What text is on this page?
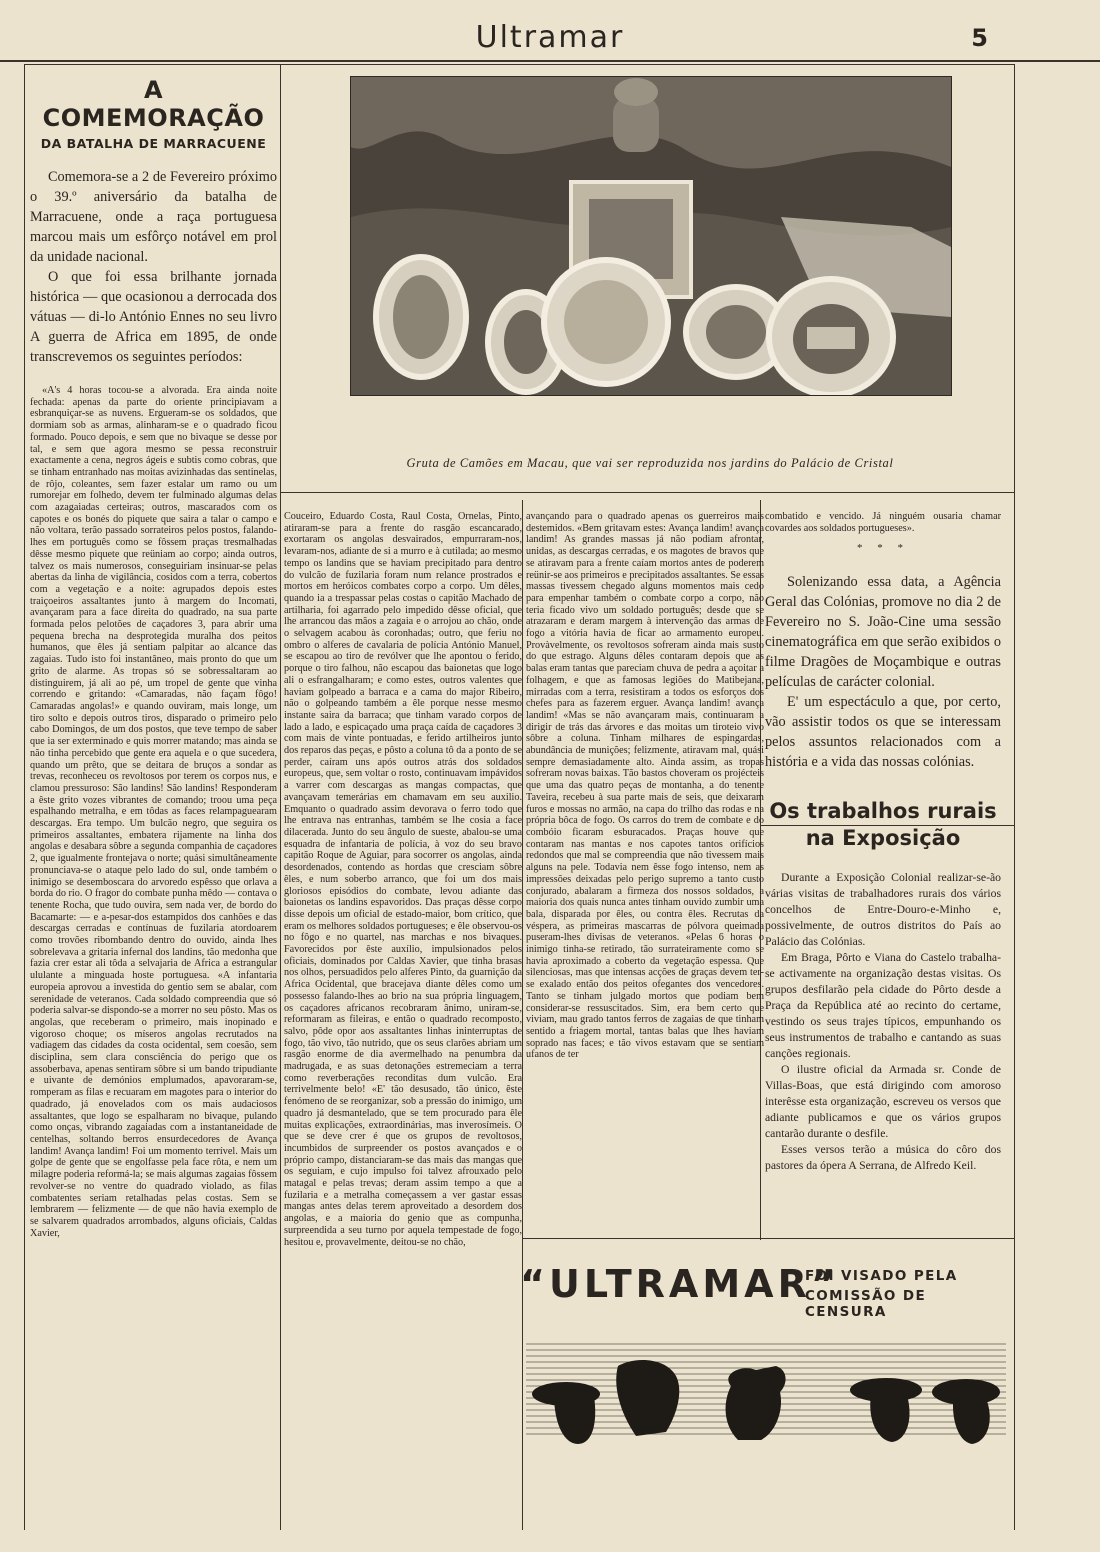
Ultramar	5
A COMEMORAÇÃO
DA BATALHA DE MARRACUENE

Comemora-se a 2 de Fevereiro próximo o 39.º aniversário da batalha de Marracuene, onde a raça portuguesa marcou mais um esfôrço notável em prol da unidade nacional.

O que foi essa brilhante jornada histórica — que ocasionou a derrocada dos vátuas — di-lo António Ennes no seu livro A guerra de Africa em 1895, de onde transcrevemos os seguintes períodos:

«A's 4 horas tocou-se a alvorada. Era ainda noite fechada: apenas da parte do oriente principiavam a esbranquiçar-se as nuvens. Ergueram-se os soldados, que dormiam sob as armas, alinharam-se e o quadrado ficou formado. Pouco depois, e sem que no bivaque se desse por tal, e sem que agora mesmo se pessa reconstruir exactamente a cena, negros ágeis e subtis como cobras, que se tinham entranhado nas moitas avizinhadas das sentinelas, de rôjo, coleantes, sem fazer estalar um ramo ou um rumorejar em folhedo, devem ter fulminado algumas delas com azagaiadas certeiras; outros, mascarados com os capotes e os bonés do piquete que saira a talar o campo e não voltara, terão passado sorrateiros pelos postos, falando-lhes em português como se fôssem praças tresmalhadas dêsse mesmo piquete que reüniam ao corpo; ainda outros, talvez os mais numerosos, conseguiriam insinuar-se pelas abertas da linha de vigilância, cosidos com a terra, cobertos com a vegetação e a noite: agrupados depois estes traiçoeiros assaltantes junto à margem do Incomati, avançaram para a face direita do quadrado, na sua parte formada pelos pelotões de caçadores 3, para abrir uma pequena brecha na desprotegida muralha dos peitos humanos, que êles já sentiam palpitar ao alcance das zagaias. Tudo isto foi instantâneo, mais pronto do que um grito de alarme. As tropas só se sobressaltaram ao distinguirem, já ali ao pé, um tropel de gente que vinha correndo e gritando: «Camaradas, não façam fôgo! Camaradas angolas!» e quando ouviram, mais longe, um tiro solto e depois outros tiros, disparado o primeiro pelo cabo Domingos, de um dos postos, que teve tempo de saber que ia ser exterminado e quis morrer matando; mas ainda se não tinha percebido que gente era aquela e o que sucedera, quando um prêto, que se deitara de bruços a sondar as trevas, reconheceu os revoltosos por terem os corpos nus, e clamou pressuroso: São landins! São landins! Responderam a êste grito vozes vibrantes de comando; troou uma peça espalhando metralha, e em tôdas as faces relampaguearam descargas. Era tempo. Um bulcão negro, que seguira os primeiros assaltantes, embatera rijamente na linha dos angolas e desabara sôbre a segunda companhia de caçadores 2, que igualmente frontejava o norte; quási simultâneamente pronunciava-se o ataque pelo lado do sul, onde também o inimigo se desemboscara do arvoredo espêsso que orlava a borda do rio. O fragor do combate punha mêdo — contava o tenente Rocha, que tudo ouvira, sem nada ver, de bordo do Bacamarte: — e a-pesar-dos estampidos dos canhões e das descargas cerradas e contínuas de fuzilaria atordoarem como trovões ribombando dentro do ouvido, ainda lhes sobrelevava a gritaria infernal dos landins, tão medonha que fazia crer estar ali tôda a selvajaria de Africa a estrangular ululante a minguada hoste portuguesa. «A infantaria europeia aprovou a investida do gentio sem se abalar, com serenidade de veteranos. Cada soldado compreendia que só poderia salvar-se dispondo-se a morrer no seu pôsto. Mas os angolas, que receberam o primeiro, mais inopinado e vigoroso choque; os míseros angolas recrutados na vadiagem das cidades da costa ocidental, sem coesão, sem disciplina, sem clara consciência do perigo que os assoberbava, apenas sentiram sôbre si um bando tripudiante e uivante de demónios emplumados, apavoraram-se, romperam as filas e recuaram em magotes para o interior do quadrado, já enovelados com os mais audaciosos assaltantes, que logo se espalharam no bivaque, pulando como onças, vibrando zagaiadas com a instantaneidade de centelhas, soltando berros ensurdecedores de Avança landim! Avança landim! Foi um momento terrível. Mais um golpe de gente que se engolfasse pela face rôta, e nem um milagre poderia reformá-la; se mais algumas zagaias fôssem revolver-se no ventre do quadrado violado, as filas combatentes seriam retalhadas pelas costas. Sem se lembrarem — felizmente — de que não havia exemplo de se salvarem quadrados arrombados, alguns oficiais, Caldas Xavier,

Gruta de Camões em Macau, que vai ser reproduzida nos jardins do Palácio de Cristal

Couceiro, Eduardo Costa, Raul Costa, Ornelas, Pinto, atiraram-se para a frente do rasgão escancarado, exortaram os angolas desvairados, empurraram-nos, levaram-nos, adiante de si a murro e à cutilada; ao mesmo tempo os landins que se haviam precipitado para dentro do vulcão de fuzilaria foram num relance prostrados e mortos em heróicos combates corpo a corpo. Um dêles, quando ia a trespassar pelas costas o capitão Machado de artilharia, foi agarrado pelo impedido dêsse oficial, que lhe arrancou das mãos a zagaia e o arrojou ao chão, onde o selvagem acabou às coronhadas; outro, que feriu no ombro o alferes de cavalaria de polícia António Manuel, se escapou ao tiro de revólver que lhe apontou o ferido, porque o tiro falhou, não escapou das baionetas que logo ali o esfrangalharam; e como estes, outros valentes que haviam golpeado a barraca e a cama do major Ribeiro, não o golpeando também a êle porque nesse mesmo instante saira da barraca; que tinham varado corpos de lado a lado, e espicaçado uma praça caída de caçadores 3 com mais de vinte pontuadas, e ferido artilheiros junto dos reparos das peças, e pôsto a coluna tô da a ponto de se perder, caíram uns após outros atrás dos soldados europeus, que, sem voltar o rosto, continuavam impávidos a varrer com descargas as mangas compactas, que avançavam temerárias em chamavam em seu auxilio. Emquanto o quadrado assim devorava o ferro todo que lhe entrava nas entranhas, também se lhe cosia a face dilacerada. Junto do seu ângulo de sueste, abalou-se uma esquadra de infantaria de polícia, à voz do seu bravo capitão Roque de Aguiar, para socorrer os angolas, ainda desordenados, contendo as hordas que cresciam sôbre êles, e num soberbo arranco, que foi um dos mais gloriosos episódios do combate, levou adiante das baionetas os landins espavoridos. Das praças dêsse corpo disse depois um oficial de estado-maior, bom crítico, que eram os melhores soldados portugueses; e êle observou-os no fôgo e no quartel, nas marchas e nos bivaques. Favorecidos por êste auxílio, impulsionados pelos oficiais, dominados por Caldas Xavier, que tinha brasas nos olhos, persuadidos pelo alferes Pinto, da guarnição da Africa Ocidental, que bracejava diante dêles como um possesso falando-lhes ao brio na sua própria linguagem, os caçadores africanos recobraram ânimo, uniram-se, reformaram as fileiras, e então o quadrado recomposto, salvo, pôde opor aos assaltantes linhas ininterruptas de fogo, tão vivo, tão nutrido, que os seus clarões abriam um rasgão enorme de dia avermelhado na penumbra da madrugada, e as suas detonações estremeciam a terra como reverberações reconditas dum vulcão. Era terrivelmente belo! «E' tão desusado, tão único, êste fenómeno de se reorganizar, sob a pressão do inimigo, um quadro já desmantelado, que se tem procurado para êle muitas explicações, extraordinárias, mas inverosímeis. O que se deve crer é que os grupos de revoltosos, incumbidos de surpreender os postos avançados e o próprio campo, distanciaram-se das mais das mangas que os seguiam, e cujo impulso foi talvez afrouxado pelo matagal e pelas trevas; deram assim tempo a que a fuzilaria e a metralha começassem a ver gastar essas mangas antes delas terem aproveitado a desordem dos angolas, e a maioria do genio que as compunha, surpreendida a seu turno por aquela tempestade de fogo, hesitou e, provavelmente, deitou-se no chão,

avançando para o quadrado apenas os guerreiros mais destemidos. «Bem gritavam estes: Avança landim! avança landim! As grandes massas já não podiam afrontar, unidas, as descargas cerradas, e os magotes de bravos que se atiravam para a frente caíam mortos antes de poderem reünir-se aos primeiros e precipitados assaltantes. Se essas massas tivessem chegado alguns momentos mais cedo para empenhar também o combate corpo a corpo, não teria ficado vivo um soldado português; desde que se atrazaram e deram margem à intervenção das armas de fogo a vitória havia de ficar ao armamento europeu. Provàvelmente, os revoltosos sofreram ainda mais susto do que estrago. Alguns dêles contaram depois que as balas eram tantas que pareciam chuva de pedra a açoitar a folhagem, e que as famosas legiões do Matibejana, mirradas com a terra, resistiram a todos os esforços dos chefes para as fazerem erguer. Avança landim! avança landim! «Mas se não avançaram mais, continuaram a dirigir de trás das árvores e das moitas um tiroteio vivo sôbre a coluna. Tinham milhares de espingardas, abundância de munições; felizmente, atiravam mal, quási sempre demasiadamente alto. Ainda assim, as tropas sofreram novas baixas. Tão bastos choveram os projécteis que uma das quatro peças de montanha, a do tenente Taveira, recebeu à sua parte mais de seis, que deixaram furos e mossas no armão, na capa do trilho das rodas e na própria bôca de fogo. Os carros do trem de combate e do combóio ficaram esburacados. Praças houve que contaram nas mantas e nos capotes tantos orifícios redondos que mal se compreendia que não tivessem mais alguns na pele. Todavia nem êsse fogo intenso, nem as impressões deixadas pelo perigo supremo a tanto custo conjurado, abalaram a firmeza dos nossos soldados, a maioria dos quais nunca antes tinham ouvido zumbir uma bala, disparada por êles, ou contra êles. Recrutas da véspera, as primeiras mascarras de pólvora queimada puseram-lhes divisas de veteranos. «Pelas 6 horas o inimigo tinha-se retirado, tão surrateiramente como se havia aproximado a coberto da vegetação espessa. Que silenciosas, mas que intensas acções de graças devem ter-se exalado então dos peitos ofegantes dos vencedores. Tanto se tinham julgado mortos que podiam bem considerar-se ressuscitados. Sim, era bem certo que viviam, mau grado tantos ferros de zagaias de que tinham sentido a friagem mortal, tantas balas que lhes haviam soprado nas faces; e tão vivos estavam que se sentiam ufanos de ter

combatido e vencido. Já ninguém ousaria chamar covardes aos soldados portugueses».
* * *

Solenizando essa data, a Agência Geral das Colónias, promove no dia 2 de Fevereiro no S. João-Cine uma sessão cinematográfica em que serão exibidos o filme Dragões de Moçambique e outras películas de carácter colonial.

E' um espectáculo a que, por certo, vão assistir todos os que se interessam pelos assuntos relacionados com a história e a vida das nossas colónias.

Os trabalhos rurais
na Exposição

Durante a Exposição Colonial realizar-se-ão várias visitas de trabalhadores rurais dos vários concelhos de Entre-Douro-e-Minho e, possivelmente, de outros distritos do País ao Palácio das Colónias.

Em Braga, Pôrto e Viana do Castelo trabalha-se activamente na organização destas visitas. Os grupos desfilarão pela cidade do Pôrto desde a Praça da República até ao recinto do certame, vestindo os seus trajes típicos, empunhando os seus instrumentos de trabalho e cantando as suas canções regionais.

O ilustre oficial da Armada sr. Conde de Villas-Boas, que está dirigindo com amoroso interêsse esta organização, escreveu os versos que adiante publicamos e que os vários grupos cantarão durante o desfile.

Esses versos terão a música do côro dos pastores da ópera A Serrana, de Alfredo Keil.

“ULTRAMAR”
FOI VISADO PELA
COMISSÃO DE CENSURA
